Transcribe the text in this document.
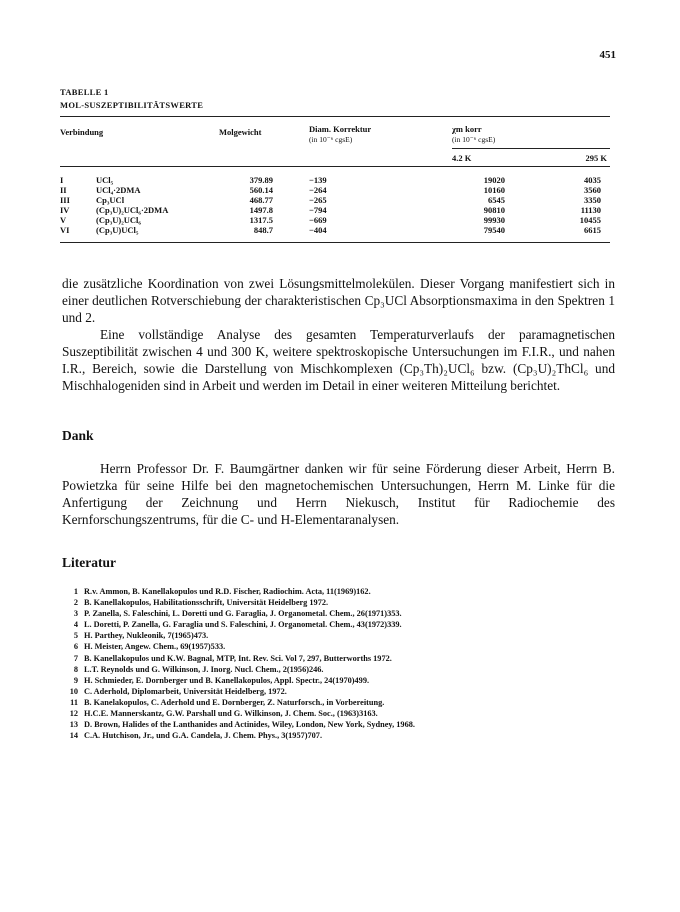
451
TABELLE 1
MOL-SUSZEPTIBILITÄTSWERTE
Verbindung	Molgewicht	Diam. Korrektur
(in 10⁻⁶ cgsE)
χm korr
(in 10⁻⁶ cgsE)
4.2 K	295 K
I	UCl₅	379.89	−139	19020	4035
II	UCl₄·2DMA	560.14	−264	10160	3560
III	Cp₃UCl	468.77	−265	6545	3350
IV	(Cp₃U)₂UCl₆·2DMA	1497.8	−794	90810	11130
V	(Cp₃U)₂UCl₆	1317.5	−669	99930	10455
VI	(Cp₃U)UCl₅	848.7	−404	79540	6615

die zusätzliche Koordination von zwei Lösungsmittelmolekülen. Dieser Vorgang manifestiert sich in einer deutlichen Rotverschiebung der charakteristischen Cp₃UCl Absorptionsmaxima in den Spektren 1 und 2.

Eine vollständige Analyse des gesamten Temperaturverlaufs der paramagnetischen Suszeptibilität zwischen 4 und 300 K, weitere spektroskopische Untersuchungen im F.I.R., und nahen I.R., Bereich, sowie die Darstellung von Mischkomplexen (Cp₃Th)₂UCl₆ bzw. (Cp₃U)₂ThCl₆ und Mischhalogeniden sind in Arbeit und werden im Detail in einer weiteren Mitteilung berichtet.

Dank

Herrn Professor Dr. F. Baumgärtner danken wir für seine Förderung dieser Arbeit, Herrn B. Powietzka für seine Hilfe bei den magnetochemischen Untersuchungen, Herrn M. Linke für die Anfertigung der Zeichnung und Herrn Niekusch, Institut für Radiochemie des Kernforschungszentrums, für die C- und H-Elementaranalysen.

Literatur
1 R.v. Ammon, B. Kanellakopulos und R.D. Fischer, Radiochim. Acta, 11(1969)162.
2 B. Kanellakopulos, Habilitationsschrift, Universität Heidelberg 1972.
3 P. Zanella, S. Faleschini, L. Doretti und G. Faraglia, J. Organometal. Chem., 26(1971)353.
4 L. Doretti, P. Zanella, G. Faraglia und S. Faleschini, J. Organometal. Chem., 43(1972)339.
5 H. Parthey, Nukleonik, 7(1965)473.
6 H. Meister, Angew. Chem., 69(1957)533.
7 B. Kanellakopulos und K.W. Bagnal, MTP, Int. Rev. Sci. Vol 7, 297, Butterworths 1972.
8 L.T. Reynolds und G. Wilkinson, J. Inorg. Nucl. Chem., 2(1956)246.
9 H. Schmieder, E. Dornberger und B. Kanellakopulos, Appl. Spectr., 24(1970)499.
10 C. Aderhold, Diplomarbeit, Universität Heidelberg, 1972.
11 B. Kanelakopulos, C. Aderhold und E. Dornberger, Z. Naturforsch., in Vorbereitung.
12 H.C.E. Mannerskantz, G.W. Parshall und G. Wilkinson, J. Chem. Soc., (1963)3163.
13 D. Brown, Halides of the Lanthanides and Actinides, Wiley, London, New York, Sydney, 1968.
14 C.A. Hutchison, Jr., und G.A. Candela, J. Chem. Phys., 3(1957)707.
